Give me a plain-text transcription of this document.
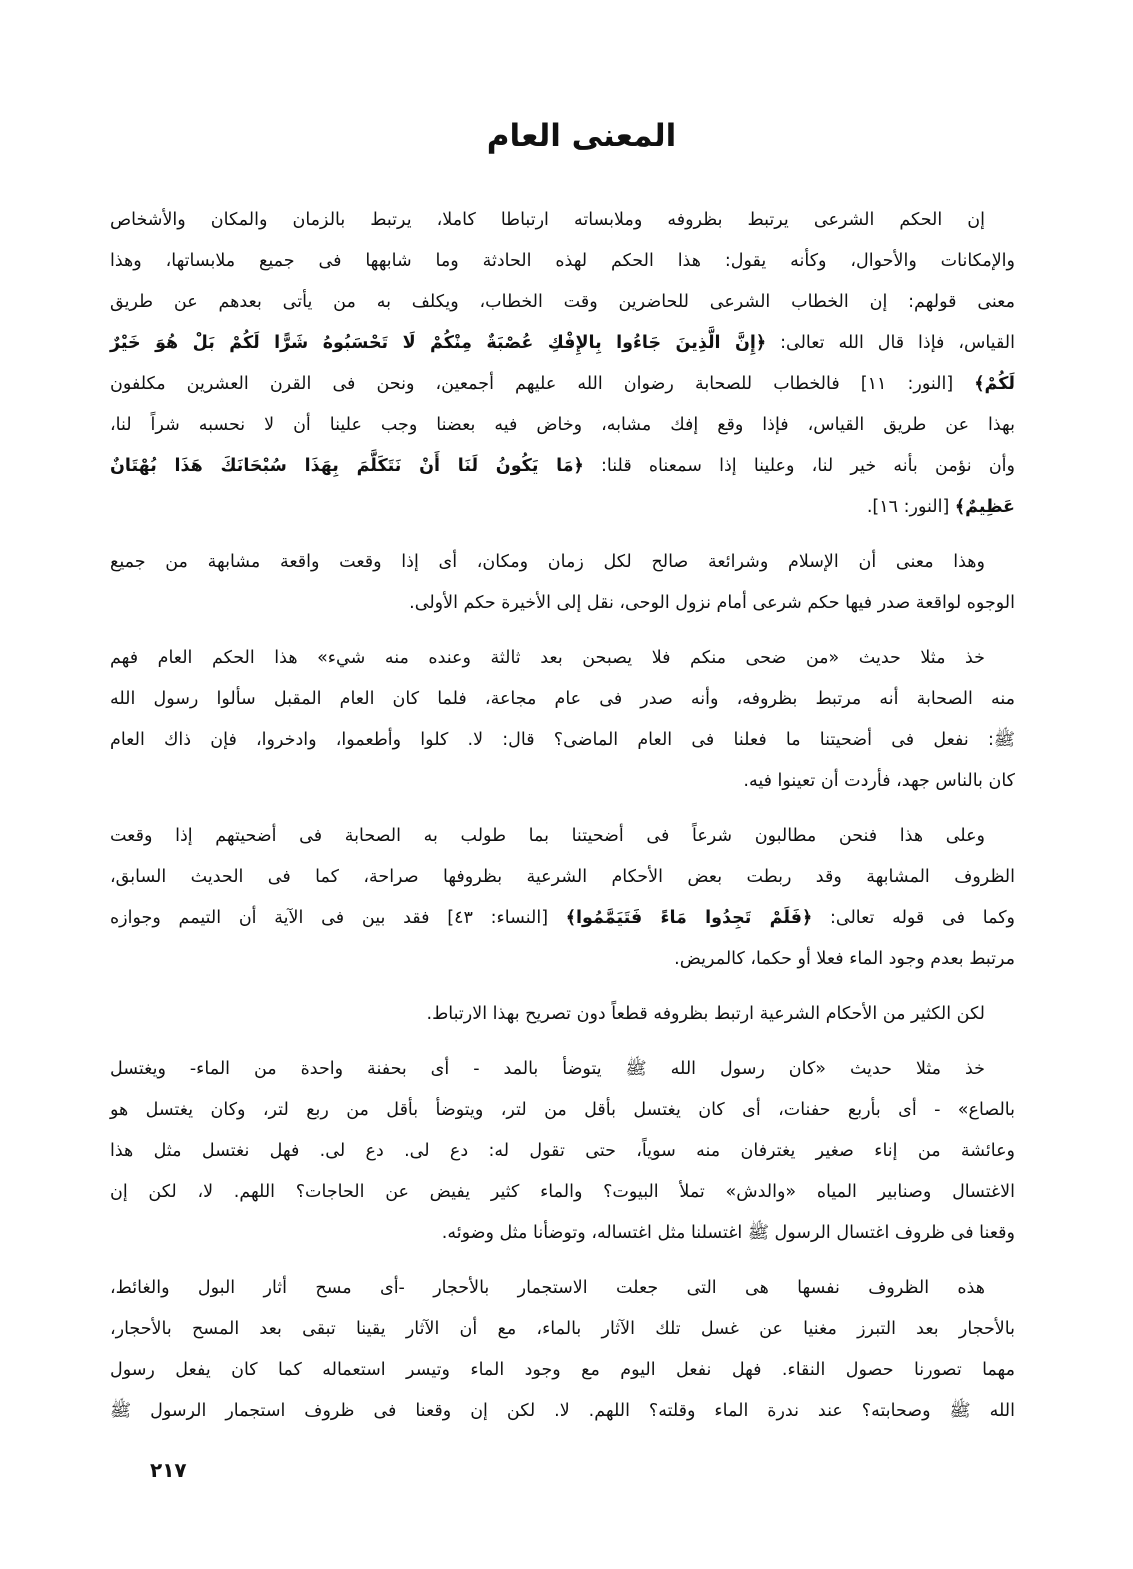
المعنى العام
إن الحكم الشرعى يرتبط بظروفه وملابساته ارتباطا كاملا، يرتبط بالزمان والمكان والأشخاص
والإمكانات والأحوال، وكأنه يقول: هذا الحكم لهذه الحادثة وما شابهها فى جميع ملابساتها، وهذا
معنى قولهم: إن الخطاب الشرعى للحاضرين وقت الخطاب، ويكلف به من يأتى بعدهم عن طريق
القياس، فإذا قال الله تعالى: ﴿إِنَّ الَّذِينَ جَاءُوا بِالإِفْكِ عُصْبَةٌ مِنْكُمْ لَا تَحْسَبُوهُ شَرًّا لَكُمْ بَلْ هُوَ خَيْرٌ
لَكُمْ﴾ [النور: ١١] فالخطاب للصحابة رضوان الله عليهم أجمعين، ونحن فى القرن العشرين مكلفون
بهذا عن طريق القياس، فإذا وقع إفك مشابه، وخاض فيه بعضنا وجب علينا أن لا نحسبه شراً لنا،
وأن نؤمن بأنه خير لنا، وعلينا إذا سمعناه قلنا: ﴿مَا يَكُونُ لَنَا أَنْ نَتَكَلَّمَ بِهَذَا سُبْحَانَكَ هَذَا بُهْتَانٌ
عَظِيمٌ﴾ [النور: ١٦].
وهذا معنى أن الإسلام وشرائعة صالح لكل زمان ومكان، أى إذا وقعت واقعة مشابهة من جميع
الوجوه لواقعة صدر فيها حكم شرعى أمام نزول الوحى، نقل إلى الأخيرة حكم الأولى.
خذ مثلا حديث «من ضحى منكم فلا يصبحن بعد ثالثة وعنده منه شيء» هذا الحكم العام فهم
منه الصحابة أنه مرتبط بظروفه، وأنه صدر فى عام مجاعة، فلما كان العام المقبل سألوا رسول الله
ﷺ: نفعل فى أضحيتنا ما فعلنا فى العام الماضى؟ قال: لا. كلوا وأطعموا، وادخروا، فإن ذاك العام
كان بالناس جهد، فأردت أن تعينوا فيه.
وعلى هذا فنحن مطالبون شرعاً فى أضحيتنا بما طولب به الصحابة فى أضحيتهم إذا وقعت
الظروف المشابهة وقد ربطت بعض الأحكام الشرعية بظروفها صراحة، كما فى الحديث السابق،
وكما فى قوله تعالى: ﴿فَلَمْ تَجِدُوا مَاءً فَتَيَمَّمُوا﴾ [النساء: ٤٣] فقد بين فى الآية أن التيمم وجوازه
مرتبط بعدم وجود الماء فعلا أو حكما، كالمريض.
لكن الكثير من الأحكام الشرعية ارتبط بظروفه قطعاً دون تصريح بهذا الارتباط.
خذ مثلا حديث «كان رسول الله ﷺ يتوضأ بالمد - أى بحفنة واحدة من الماء- ويغتسل
بالصاع» - أى بأربع حفنات، أى كان يغتسل بأقل من لتر، ويتوضأ بأقل من ربع لتر، وكان يغتسل هو
وعائشة من إناء صغير يغترفان منه سوياً، حتى تقول له: دع لى. دع لى. فهل نغتسل مثل هذا
الاغتسال وصنابير المياه «والدش» تملأ البيوت؟ والماء كثير يفيض عن الحاجات؟ اللهم. لا، لكن إن
وقعنا فى ظروف اغتسال الرسول ﷺ اغتسلنا مثل اغتساله، وتوضأنا مثل وضوئه.
هذه الظروف نفسها هى التى جعلت الاستجمار بالأحجار -أى مسح أثار البول والغائط،
بالأحجار بعد التبرز مغنيا عن غسل تلك الآثار بالماء، مع أن الآثار يقينا تبقى بعد المسح بالأحجار،
مهما تصورنا حصول النقاء. فهل نفعل اليوم مع وجود الماء وتيسر استعماله كما كان يفعل رسول
الله ﷺ وصحابته؟ عند ندرة الماء وقلته؟ اللهم. لا. لكن إن وقعنا فى ظروف استجمار الرسول ﷺ
٢١٧
